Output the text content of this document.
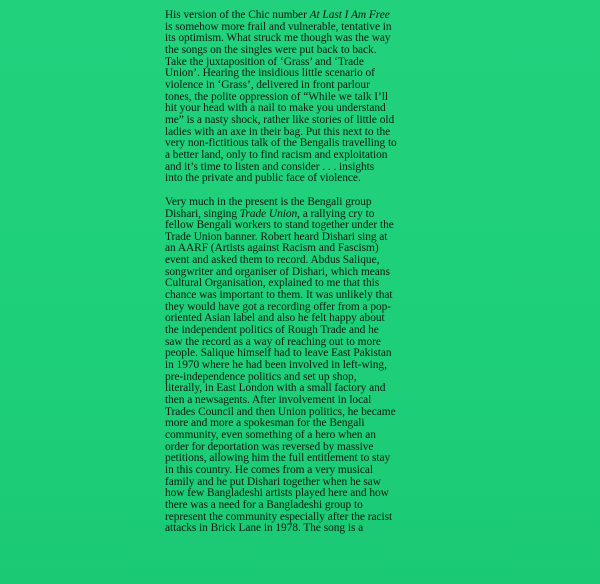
His version of the Chic number At Last I Am Free
is somehow more frail and vulnerable, tentative in
its optimism. What struck me though was the way
the songs on the singles were put back to back.
Take the juxtaposition of ‘Grass’ and ‘Trade
Union’. Hearing the insidious little scenario of
violence in ‘Grass’, delivered in front parlour
tones, the polite oppression of “While we talk I’ll
hit your head with a nail to make you understand
me” is a nasty shock, rather like stories of little old
ladies with an axe in their bag. Put this next to the
very non-fictitious talk of the Bengalis travelling to
a better land, only to find racism and exploitation
and it’s time to listen and consider . . . insights
into the private and public face of violence.

Very much in the present is the Bengali group
Dishari, singing Trade Union, a rallying cry to
fellow Bengali workers to stand together under the
Trade Union banner. Robert heard Dishari sing at
an AARF (Artists against Racism and Fascism)
event and asked them to record. Abdus Salique,
songwriter and organiser of Dishari, which means
Cultural Organisation, explained to me that this
chance was important to them. It was unlikely that
they would have got a recording offer from a pop-
oriented Asian label and also he felt happy about
the independent politics of Rough Trade and he
saw the record as a way of reaching out to more
people. Salique himself had to leave East Pakistan
in 1970 where he had been involved in left-wing,
pre-independence politics and set up shop,
literally, in East London with a small factory and
then a newsagents. After involvement in local
Trades Council and then Union politics, he became
more and more a spokesman for the Bengali
community, even something of a hero when an
order for deportation was reversed by massive
petitions, allowing him the full entitlement to stay
in this country. He comes from a very musical
family and he put Dishari together when he saw
how few Bangladeshi artists played here and how
there was a need for a Bangladeshi group to
represent the community especially after the racist
attacks in Brick Lane in 1978. The song is a
